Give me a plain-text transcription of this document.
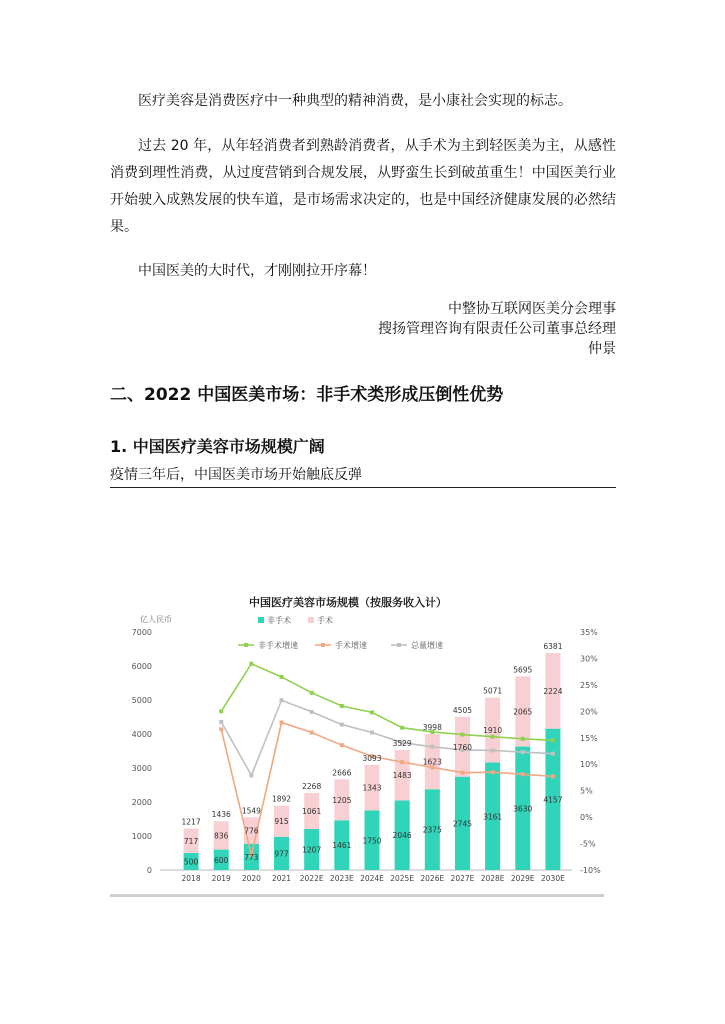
医疗美容是消费医疗中一种典型的精神消费，是小康社会实现的标志。

过去 20 年，从年轻消费者到熟龄消费者，从手术为主到轻医美为主，从感性消费到理性消费，从过度营销到合规发展，从野蛮生长到破茧重生！中国医美行业开始驶入成熟发展的快车道，是市场需求决定的，也是中国经济健康发展的必然结果。

中国医美的大时代，才刚刚拉开序幕！

中整协互联网医美分会理事
搜扬管理咨询有限责任公司董事总经理
仲景
二、2022 中国医美市场：非手术类形成压倒性优势
1. 中国医疗美容市场规模广阔
疫情三年后，中国医美市场开始触底反弹
500
717
1217
600
836
1436
773
776
1549
977
915
1892
1207
1061
2268
1461
1205
2666
1750
1343
3093
2046
1483
3529
2375
1623
3998
2745
1760
4505
3161
1910
5071
3630
2065
5695
4157
2224
6381
0
1000
2000
3000
4000
5000
6000
7000
-10%
-5%
0%
5%
10%
15%
20%
25%
30%
35%
2018 2019 2020 2021 2022E 2023E 2024E 2025E 2026E 2027E 2028E 2029E 2030E
非手术	手术
非手术增速	手术增速	总量增速
中国医疗美容市场规模（按服务收入计）
亿人民币
